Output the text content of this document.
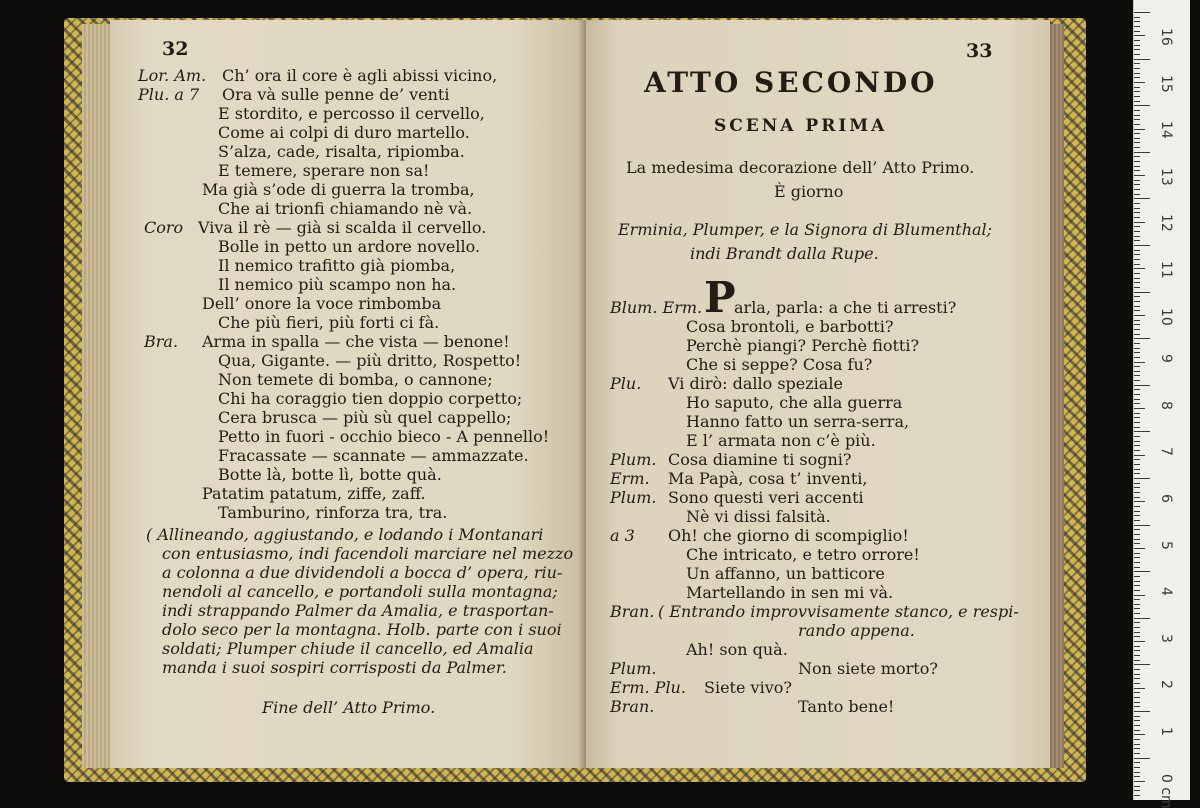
32
Lor. Am. Ch’ ora il core è agli abissi vicino,
Plu. a 7 Ora và sulle penne de’ venti
E stordito, e percosso il cervello,
Come ai colpi di duro martello.
S’alza, cade, risalta, ripiomba.
E temere, sperare non sa!
Ma già s’ode di guerra la tromba,
Che ai trionfi chiamando nè và.
Coro Viva il rè — già si scalda il cervello.
Bolle in petto un ardore novello.
Il nemico trafitto già piomba,
Il nemico più scampo non ha.
Dell’ onore la voce rimbomba
Che più fieri, più forti ci fà.
Bra. Arma in spalla — che vista — benone!
Qua, Gigante. — più dritto, Rospetto!
Non temete di bomba, o cannone;
Chi ha coraggio tien doppio corpetto;
Cera brusca — più sù quel cappello;
Petto in fuori - occhio bieco - A pennello!
Fracassate — scannate — ammazzate.
Botte là, botte lì, botte quà.
Patatim patatum, ziffe, zaff.
Tamburino, rinforza tra, tra.
( Allineando, aggiustando, e lodando i Montanari
con entusiasmo, indi facendoli marciare nel mezzo
a colonna a due dividendoli a bocca d’ opera, riu-
nendoli al cancello, e portandoli sulla montagna;
indi strappando Palmer da Amalia, e trasportan-
dolo seco per la montagna. Holb. parte con i suoi
soldati; Plumper chiude il cancello, ed Amalia
manda i suoi sospiri corrisposti da Palmer.
Fine dell’ Atto Primo.
33
ATTO SECONDO
SCENA PRIMA
La medesima decorazione dell’ Atto Primo.
È giorno
Erminia, Plumper, e la Signora di Blumenthal;
indi Brandt dalla Rupe.
Blum. Erm. P
arla, parla: a che ti arresti?
Cosa brontoli, e barbotti?
Perchè piangi? Perchè fiotti?
Che si seppe? Cosa fu?
Plu. Vi dirò: dallo speziale
Ho saputo, che alla guerra
Hanno fatto un serra-serra,
E l’ armata non c’è più.
Plum. Cosa diamine ti sogni?
Erm. Ma Papà, cosa t’ inventi,
Plum. Sono questi veri accenti
Nè vi dissi falsità.
a 3 Oh! che giorno di scompiglio!
Che intricato, e tetro orrore!
Un affanno, un batticore
Martellando in sen mi và.
Bran. ( Entrando improvvisamente stanco, e respi-
rando appena.
Ah! son quà.
Plum.	Non siete morto?
Erm. Plu. Siete vivo?
Bran.	Tanto bene!
16
15
14
13
12
11
10
9
8
7
6
5
4
3
2
1
0 cm
